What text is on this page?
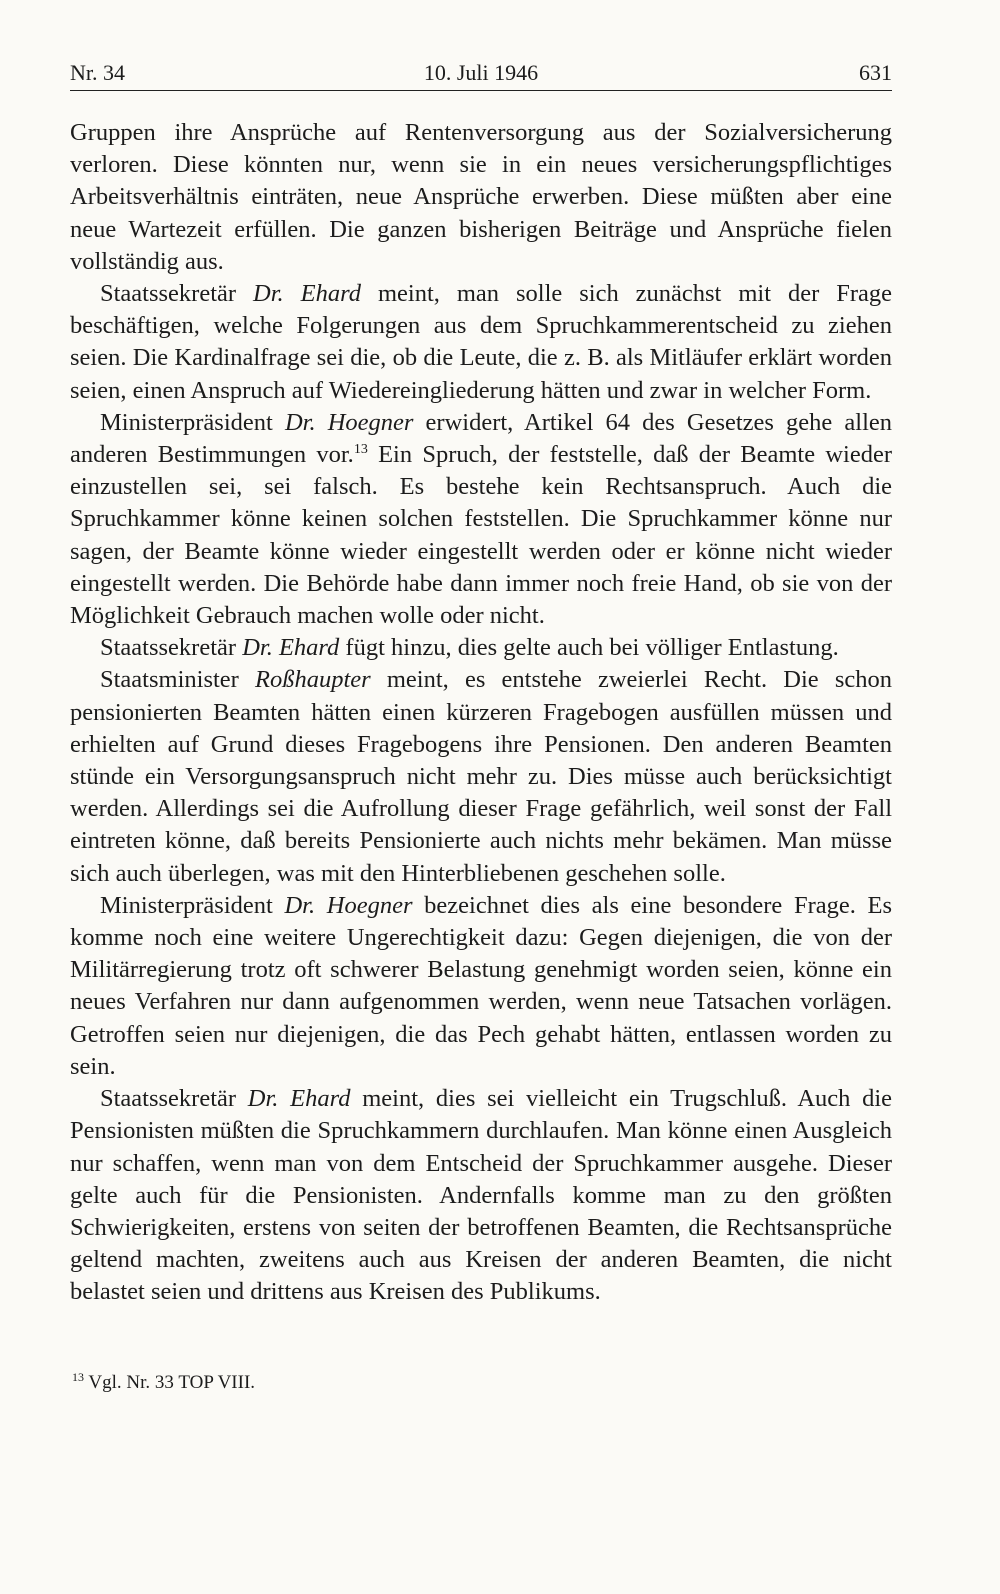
Nr. 34	10. Juli 1946	631

Gruppen ihre Ansprüche auf Rentenversorgung aus der Sozialversicherung verloren. Diese könnten nur, wenn sie in ein neues versicherungspflichtiges Arbeitsverhältnis einträten, neue Ansprüche erwerben. Diese müßten aber eine neue Wartezeit erfüllen. Die ganzen bisherigen Beiträge und Ansprüche fielen vollständig aus.

Staatssekretär Dr. Ehard meint, man solle sich zunächst mit der Frage beschäftigen, welche Folgerungen aus dem Spruchkammerentscheid zu ziehen seien. Die Kardinalfrage sei die, ob die Leute, die z. B. als Mitläufer erklärt worden seien, einen Anspruch auf Wiedereingliederung hätten und zwar in welcher Form.

Ministerpräsident Dr. Hoegner erwidert, Artikel 64 des Gesetzes gehe allen anderen Bestimmungen vor.$^{13}$ Ein Spruch, der feststelle, daß der Beamte wieder einzustellen sei, sei falsch. Es bestehe kein Rechtsanspruch. Auch die Spruchkammer könne keinen solchen feststellen. Die Spruchkammer könne nur sagen, der Beamte könne wieder eingestellt werden oder er könne nicht wieder eingestellt werden. Die Behörde habe dann immer noch freie Hand, ob sie von der Möglichkeit Gebrauch machen wolle oder nicht.

Staatssekretär Dr. Ehard fügt hinzu, dies gelte auch bei völliger Entlastung.

Staatsminister Roßhaupter meint, es entstehe zweierlei Recht. Die schon pensionierten Beamten hätten einen kürzeren Fragebogen ausfüllen müssen und erhielten auf Grund dieses Fragebogens ihre Pensionen. Den anderen Beamten stünde ein Versorgungsanspruch nicht mehr zu. Dies müsse auch berücksichtigt werden. Allerdings sei die Aufrollung dieser Frage gefährlich, weil sonst der Fall eintreten könne, daß bereits Pensionierte auch nichts mehr bekämen. Man müsse sich auch überlegen, was mit den Hinterbliebenen geschehen solle.

Ministerpräsident Dr. Hoegner bezeichnet dies als eine besondere Frage. Es komme noch eine weitere Ungerechtigkeit dazu: Gegen diejenigen, die von der Militärregierung trotz oft schwerer Belastung genehmigt worden seien, könne ein neues Verfahren nur dann aufgenommen werden, wenn neue Tatsachen vorlägen. Getroffen seien nur diejenigen, die das Pech gehabt hätten, entlassen worden zu sein.

Staatssekretär Dr. Ehard meint, dies sei vielleicht ein Trugschluß. Auch die Pensionisten müßten die Spruchkammern durchlaufen. Man könne einen Ausgleich nur schaffen, wenn man von dem Entscheid der Spruchkammer ausgehe. Dieser gelte auch für die Pensionisten. Andernfalls komme man zu den größten Schwierigkeiten, erstens von seiten der betroffenen Beamten, die Rechtsansprüche geltend machten, zweitens auch aus Kreisen der anderen Beamten, die nicht belastet seien und drittens aus Kreisen des Publikums.

$^{13}$ Vgl. Nr. 33 TOP VIII.
